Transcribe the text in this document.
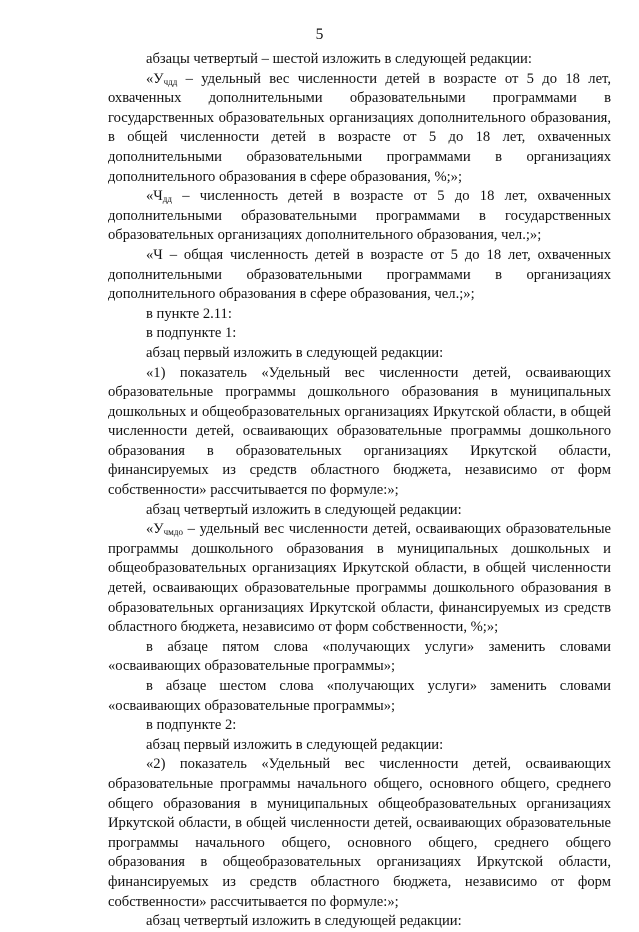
5

абзацы четвертый – шестой изложить в следующей редакции:

«$У_{чдд}$ – удельный вес численности детей в возрасте от 5 до 18 лет, охваченных дополнительными образовательными программами в государственных образовательных организациях дополнительного образования, в общей численности детей в возрасте от 5 до 18 лет, охваченных дополнительными образовательными программами в организациях дополнительного образования в сфере образования, %;»;

«$Ч_{дд}$ – численность детей в возрасте от 5 до 18 лет, охваченных дополнительными образовательными программами в государственных образовательных организациях дополнительного образования, чел.;»;

«Ч – общая численность детей в возрасте от 5 до 18 лет, охваченных дополнительными образовательными программами в организациях дополнительного образования в сфере образования, чел.;»;

в пункте 2.11:

в подпункте 1:

абзац первый изложить в следующей редакции:

«1) показатель «Удельный вес численности детей, осваивающих образовательные программы дошкольного образования в муниципальных дошкольных и общеобразовательных организациях Иркутской области, в общей численности детей, осваивающих образовательные программы дошкольного образования в образовательных организациях Иркутской области, финансируемых из средств областного бюджета, независимо от форм собственности» рассчитывается по формуле:»;

абзац четвертый изложить в следующей редакции:

«$У_{чмдо}$ – удельный вес численности детей, осваивающих образовательные программы дошкольного образования в муниципальных дошкольных и общеобразовательных организациях Иркутской области, в общей численности детей, осваивающих образовательные программы дошкольного образования в образовательных организациях Иркутской области, финансируемых из средств областного бюджета, независимо от форм собственности, %;»;

в абзаце пятом слова «получающих услуги» заменить словами «осваивающих образовательные программы»;

в абзаце шестом слова «получающих услуги» заменить словами «осваивающих образовательные программы»;

в подпункте 2:

абзац первый изложить в следующей редакции:

«2) показатель «Удельный вес численности детей, осваивающих образовательные программы начального общего, основного общего, среднего общего образования в муниципальных общеобразовательных организациях Иркутской области, в общей численности детей, осваивающих образовательные программы начального общего, основного общего, среднего общего образования в общеобразовательных организациях Иркутской области, финансируемых из средств областного бюджета, независимо от форм собственности» рассчитывается по формуле:»;

абзац четвертый изложить в следующей редакции:
